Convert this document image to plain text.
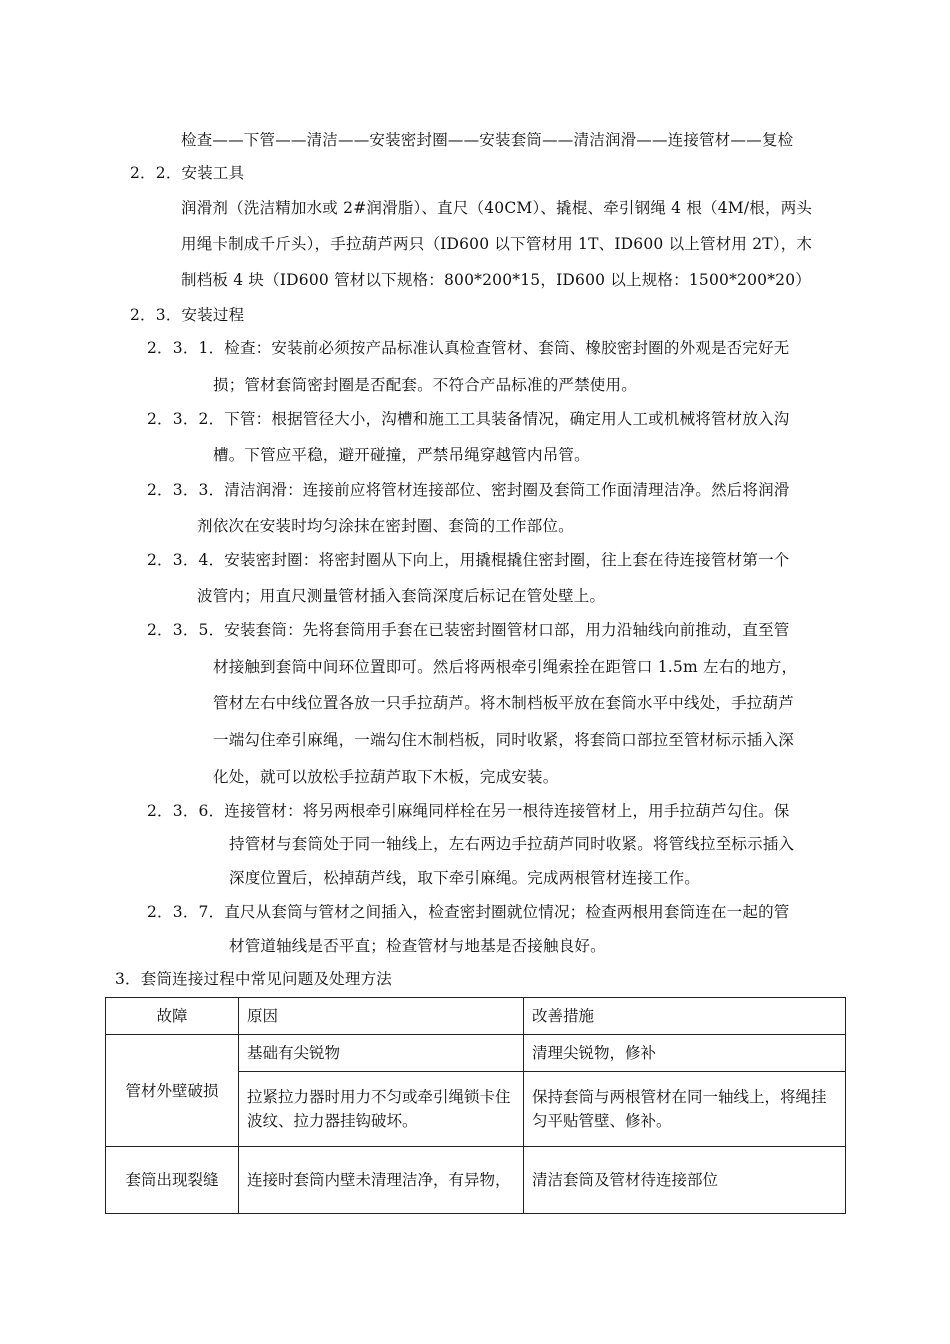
检查——下管——清洁——安装密封圈——安装套筒——清洁润滑——连接管材——复检
2．2．安装工具
润滑剂（洗洁精加水或 2#润滑脂）、直尺（40CM）、撬棍、牵引钢绳 4 根（4M/根，两头
用绳卡制成千斤头），手拉葫芦两只（ID600 以下管材用 1T、ID600 以上管材用 2T），木
制档板 4 块（ID600 管材以下规格：800*200*15，ID600 以上规格：1500*200*20）
2．3．安装过程
2．3．1．检查：安装前必须按产品标准认真检查管材、套筒、橡胶密封圈的外观是否完好无
损；管材套筒密封圈是否配套。不符合产品标准的严禁使用。
2．3．2．下管：根据管径大小，沟槽和施工工具装备情况，确定用人工或机械将管材放入沟
槽。下管应平稳，避开碰撞，严禁吊绳穿越管内吊管。
2．3．3．清洁润滑：连接前应将管材连接部位、密封圈及套筒工作面清理洁净。然后将润滑
剂依次在安装时均匀涂抹在密封圈、套筒的工作部位。
2．3．4．安装密封圈：将密封圈从下向上，用撬棍撬住密封圈，往上套在待连接管材第一个
波管内；用直尺测量管材插入套筒深度后标记在管处壁上。
2．3．5．安装套筒：先将套筒用手套在已装密封圈管材口部，用力沿轴线向前推动，直至管
材接触到套筒中间环位置即可。然后将两根牵引绳索拴在距管口 1.5m 左右的地方，
管材左右中线位置各放一只手拉葫芦。将木制档板平放在套筒水平中线处，手拉葫芦
一端勾住牵引麻绳，一端勾住木制档板，同时收紧，将套筒口部拉至管材标示插入深
化处，就可以放松手拉葫芦取下木板，完成安装。
2．3．6．连接管材：将另两根牵引麻绳同样栓在另一根待连接管材上，用手拉葫芦勾住。保
持管材与套筒处于同一轴线上，左右两边手拉葫芦同时收紧。将管线拉至标示插入
深度位置后，松掉葫芦线，取下牵引麻绳。完成两根管材连接工作。
2．3．7．直尺从套筒与管材之间插入，检查密封圈就位情况；检查两根用套筒连在一起的管
材管道轴线是否平直；检查管材与地基是否接触良好。
3．套筒连接过程中常见问题及处理方法
故障	原因	改善措施
管材外壁破损	基础有尖锐物	清理尖锐物，修补
	拉紧拉力器时用力不匀或牵引绳锁卡住波纹、拉力器挂钩破坏。	保持套筒与两根管材在同一轴线上，将绳挂匀平贴管壁、修补。
套筒出现裂缝	连接时套筒内壁未清理洁净，有异物，	清洁套筒及管材待连接部位
